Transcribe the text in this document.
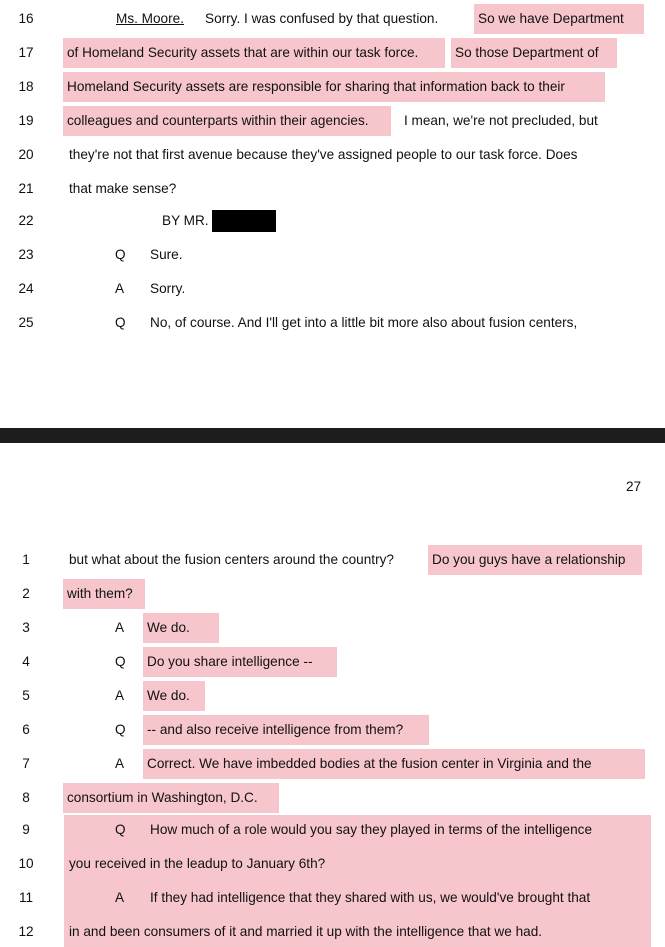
16	Ms. Moore. Sorry. I was confused by that question.	So we have Department
17	of Homeland Security assets that are within our task force.	So those Department of
18	Homeland Security assets are responsible for sharing that information back to their
19	colleagues and counterparts within their agencies.	I mean, we're not precluded, but
20	they're not that first avenue because they've assigned people to our task force. Does
21	that make sense?
22	BY MR.
23	Q Sure.
24	A Sorry.
25	Q No, of course. And I'll get into a little bit more also about fusion centers,
27
1	but what about the fusion centers around the country?	Do you guys have a relationship
2	with them?
3	A We do.
4	Q Do you share intelligence --
5	A We do.
6	Q -- and also receive intelligence from them?
7	A Correct. We have imbedded bodies at the fusion center in Virginia and the
8	consortium in Washington, D.C.
9	Q How much of a role would you say they played in terms of the intelligence
10	you received in the leadup to January 6th?
11	A If they had intelligence that they shared with us, we would've brought that
12	in and been consumers of it and married it up with the intelligence that we had.
